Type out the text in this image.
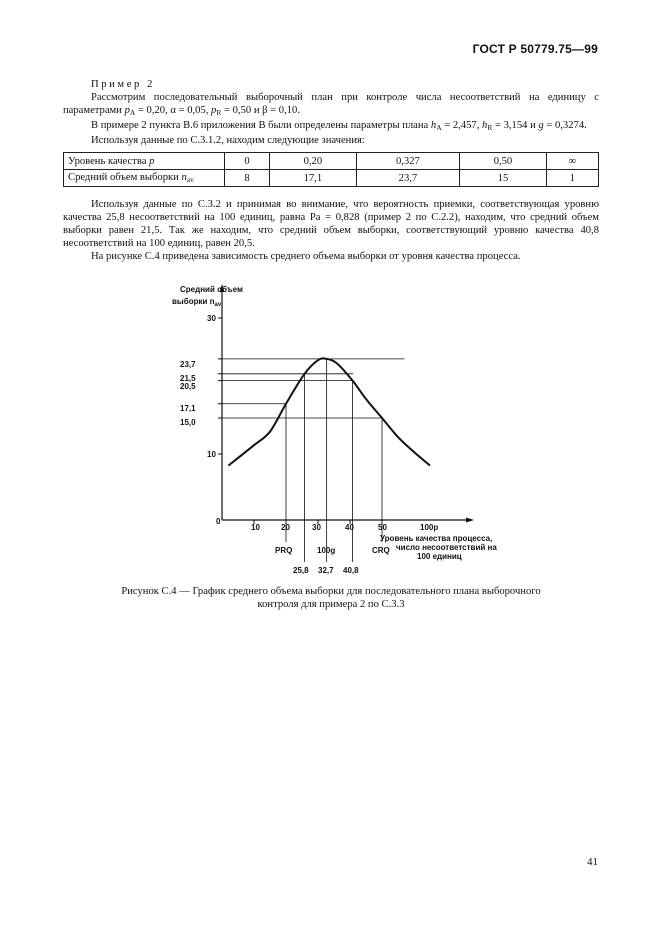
ГОСТ Р 50779.75—99

Пример 2

Рассмотрим последовательный выборочный план при контроле числа несоответствий на единицу с параметрами $p_A = 0,20$, α = 0,05, $p_R = 0,50$ и β = 0,10.

В примере 2 пункта В.6 приложения В были определены параметры плана $h_A = 2,457$, $h_R = 3,154$ и g = 0,3274.

Используя данные по С.3.1.2, находим следующие значения:

Уровень качества p	0	0,20	0,327	0,50	∞
Средний объем выборки $n_{av}$	8	17,1	23,7	15	1

Используя данные по С.3.2 и принимая во внимание, что вероятность приемки, соответствующая уровню качества 25,8 несоответствий на 100 единиц, равна Pa = 0,828 (пример 2 по С.2.2), находим, что средний объем выборки равен 21,5. Так же находим, что средний объем выборки, соответствующий уровню качества 40,8 несоответствий на 100 единиц, равен 20,5.

На рисунке С.4 приведена зависимость среднего объема выборки от уровня качества процесса.

Средний объем
выборки $n_{av}$
30
10
0
23,7
21,5
20,5
17,1
15,0
10	20	30	40	50	100p
PRQ	100g	CRQ
25,8 32,7 40,8
Уровень качества процесса,
число несоответствий на
100 единиц
Рисунок С.4 — График среднего объема выборки для последовательного плана выборочного
контроля для примера 2 по С.3.3
41
